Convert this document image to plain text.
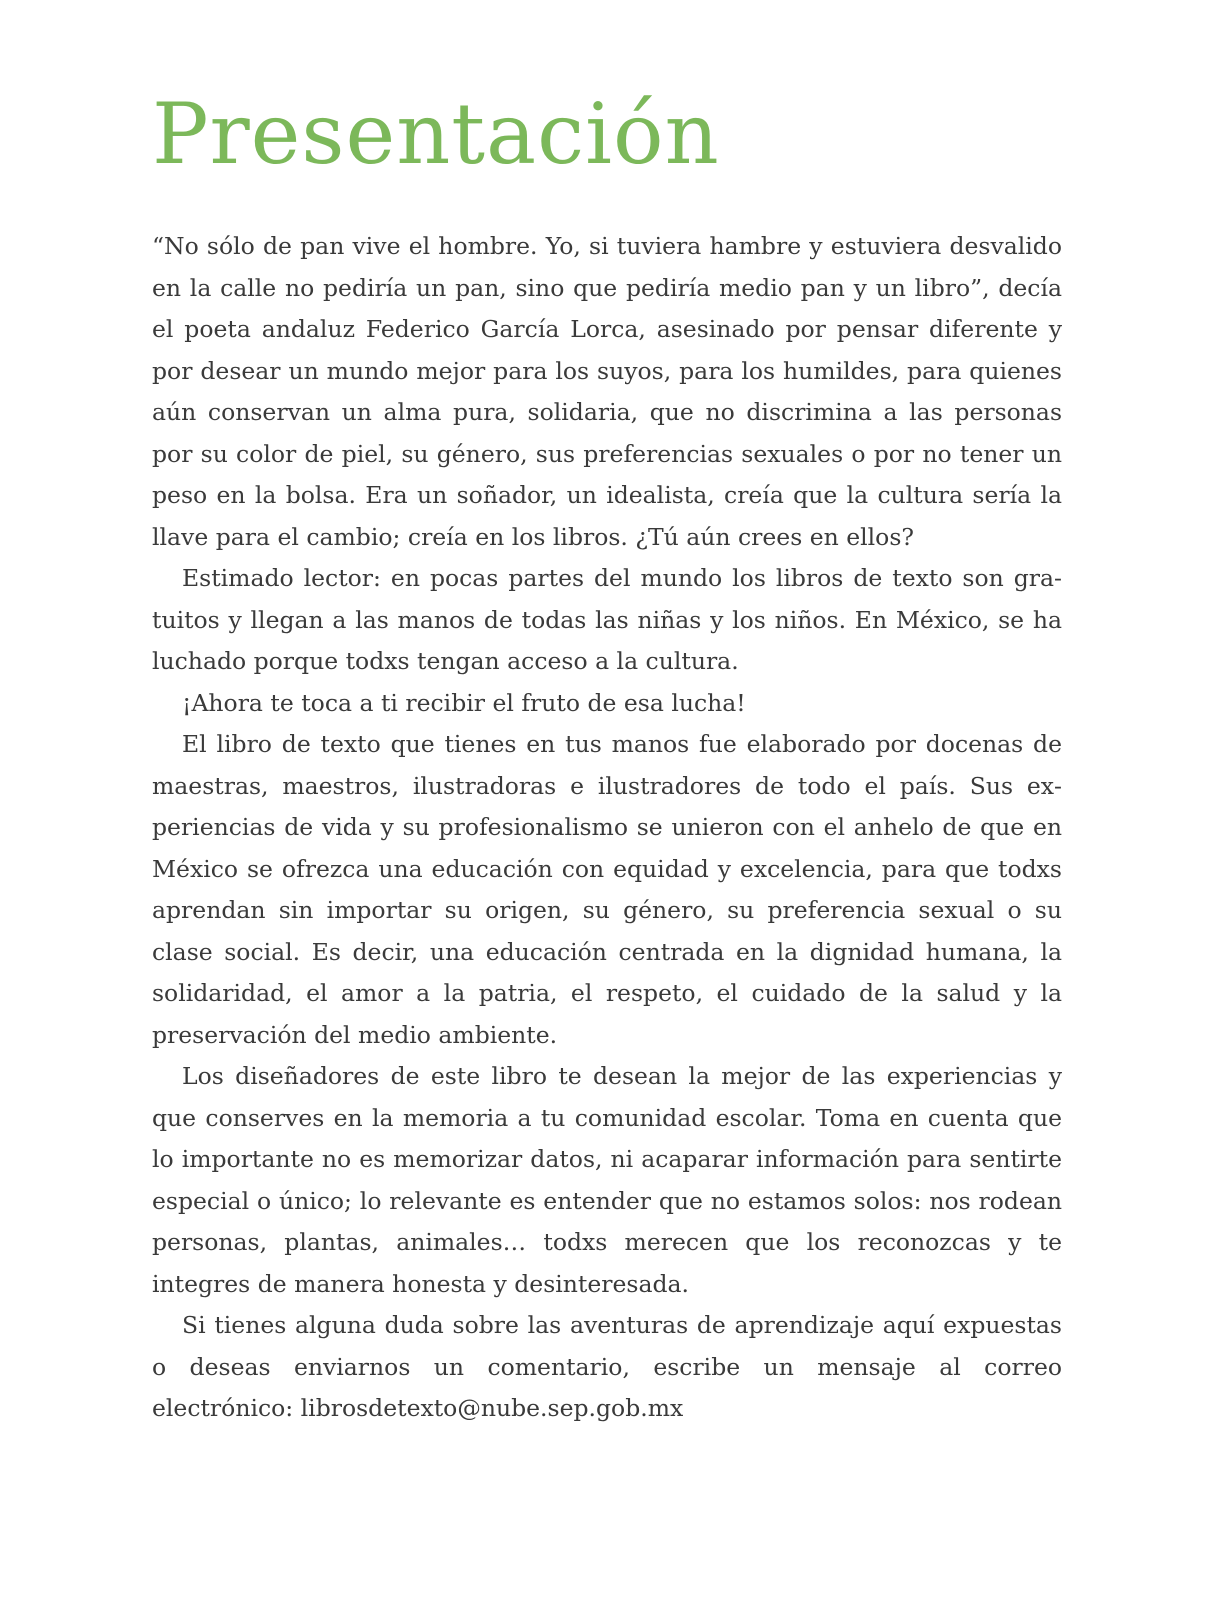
Presentación

“No sólo de pan vive el hombre. Yo, si tuviera hambre y estuviera desvalido en la calle no pediría un pan, sino que pediría medio pan y un libro”, decía el poeta andaluz Federico García Lorca, asesinado por pensar diferente y por desear un mundo mejor para los suyos, para los humildes, para quienes aún conservan un alma pura, solidaria, que no discrimina a las personas por su color de piel, su género, sus preferencias sexuales o por no tener un peso en la bolsa. Era un soñador, un idealista, creía que la cultura sería la llave para el cambio; creía en los libros. ¿Tú aún crees en ellos?

Estimado lector: en pocas partes del mundo los libros de texto son gratuitos y llegan a las manos de todas las niñas y los niños. En México, se ha luchado porque todxs tengan acceso a la cultura.

¡Ahora te toca a ti recibir el fruto de esa lucha!

El libro de texto que tienes en tus manos fue elaborado por docenas de maestras, maestros, ilustradoras e ilustradores de todo el país. Sus experiencias de vida y su profesionalismo se unieron con el anhelo de que en México se ofrezca una educación con equidad y excelencia, para que todxs aprendan sin importar su origen, su género, su preferencia sexual o su clase social. Es decir, una educación centrada en la dignidad humana, la solidaridad, el amor a la patria, el respeto, el cuidado de la salud y la preservación del medio ambiente.

Los diseñadores de este libro te desean la mejor de las experiencias y que conserves en la memoria a tu comunidad escolar. Toma en cuenta que lo importante no es memorizar datos, ni acaparar información para sentirte especial o único; lo relevante es entender que no estamos solos: nos rodean personas, plantas, animales… todxs merecen que los reconozcas y te integres de manera honesta y desinteresada.

Si tienes alguna duda sobre las aventuras de aprendizaje aquí expuestas o deseas enviarnos un comentario, escribe un mensaje al correo electrónico: librosdetexto@nube.sep.gob.mx
